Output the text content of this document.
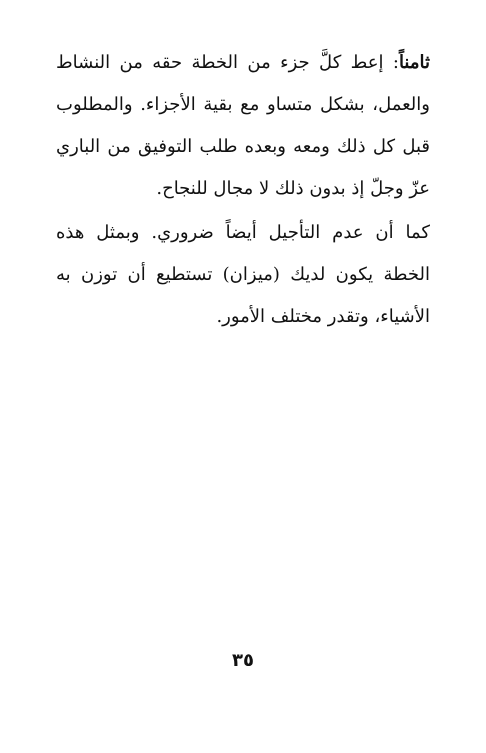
ثامناً: إعط كلَّ جزء من الخطة حقه من النشاط والعمل، بشكل متساو مع بقية الأجزاء. والمطلوب قبل كل ذلك ومعه وبعده طلب التوفيق من الباري عزّ وجلّ إذ بدون ذلك لا مجال للنجاح.
كما أن عدم التأجيل أيضاً ضروري. وبمثل هذه الخطة يكون لديك (ميزان) تستطيع أن توزن به الأشياء، وتقدر مختلف الأمور.
٣٥
